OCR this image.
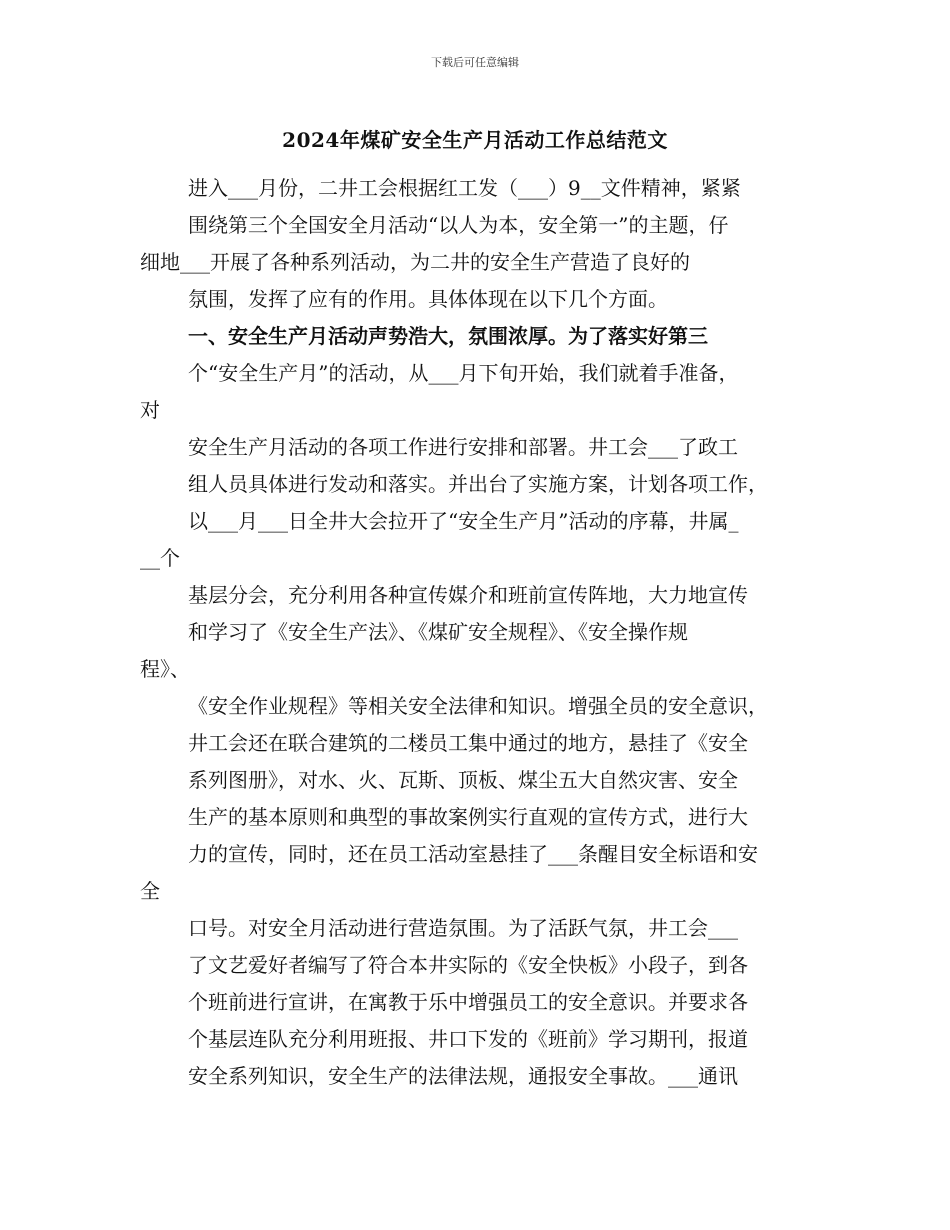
下载后可任意编辑
2024年煤矿安全生产月活动工作总结范文
进入___月份，二井工会根据红工发（___）9__文件精神，紧紧
围绕第三个全国安全月活动“以人为本，安全第一”的主题，仔
细地___开展了各种系列活动，为二井的安全生产营造了良好的
氛围，发挥了应有的作用。具体体现在以下几个方面。
一、安全生产月活动声势浩大，氛围浓厚。为了落实好第三
个“安全生产月”的活动，从___月下旬开始，我们就着手准备，
对
安全生产月活动的各项工作进行安排和部署。井工会___了政工
组人员具体进行发动和落实。并出台了实施方案，计划各项工作，
以___月___日全井大会拉开了“安全生产月”活动的序幕，井属_
__个
基层分会，充分利用各种宣传媒介和班前宣传阵地，大力地宣传
和学习了《安全生产法》、《煤矿安全规程》、《安全操作规
程》、
《安全作业规程》等相关安全法律和知识。增强全员的安全意识，
井工会还在联合建筑的二楼员工集中通过的地方，悬挂了《安全
系列图册》，对水、火、瓦斯、顶板、煤尘五大自然灾害、安全
生产的基本原则和典型的事故案例实行直观的宣传方式，进行大
力的宣传，同时，还在员工活动室悬挂了___条醒目安全标语和安
全
口号。对安全月活动进行营造氛围。为了活跃气氛，井工会___
了文艺爱好者编写了符合本井实际的《安全快板》小段子，到各
个班前进行宣讲，在寓教于乐中增强员工的安全意识。并要求各
个基层连队充分利用班报、井口下发的《班前》学习期刊，报道
安全系列知识，安全生产的法律法规，通报安全事故。___通讯
